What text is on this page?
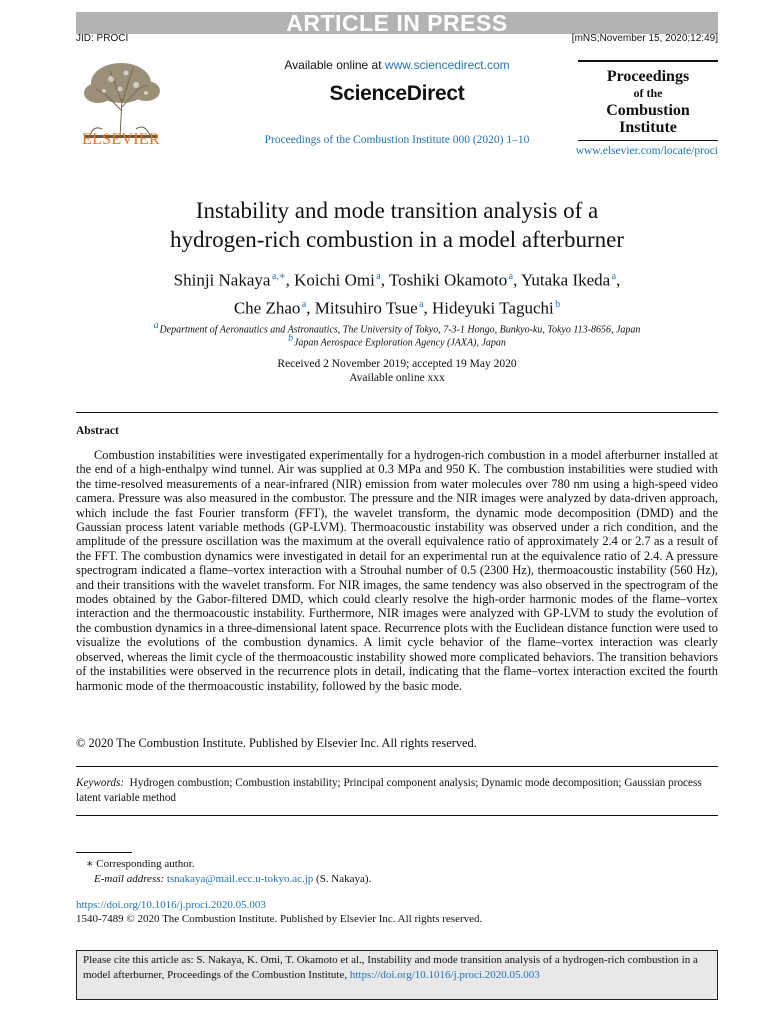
ARTICLE IN PRESS
JID: PROCI	[mNS;November 15, 2020;12:49]
ELSEVIER
Available online at www.sciencedirect.com
ScienceDirect
Proceedings of the Combustion Institute 000 (2020) 1–10
Proceedings
of the
Combustion
Institute
www.elsevier.com/locate/proci
Instability and mode transition analysis of a
hydrogen-rich combustion in a model afterburner
Shinji Nakaya $^{a,∗}$, Koichi Omi $^a$, Toshiki Okamoto $^a$, Yutaka Ikeda $^a$,
Che Zhao $^a$, Mitsuhiro Tsue $^a$, Hideyuki Taguchi $^b$
$^a$ Department of Aeronautics and Astronautics, The University of Tokyo, 7-3-1 Hongo, Bunkyo-ku, Tokyo 113-8656, Japan
$^b$ Japan Aerospace Exploration Agency (JAXA), Japan
Received 2 November 2019; accepted 19 May 2020
Available online xxx
Abstract
Combustion instabilities were investigated experimentally for a hydrogen-rich combustion in a model afterburner installed at the end of a high-enthalpy wind tunnel. Air was supplied at 0.3 MPa and 950 K. The combustion instabilities were studied with the time-resolved measurements of a near-infrared (NIR) emission from water molecules over 780 nm using a high-speed video camera. Pressure was also measured in the combustor. The pressure and the NIR images were analyzed by data-driven approach, which include the fast Fourier transform (FFT), the wavelet transform, the dynamic mode decomposition (DMD) and the Gaussian process latent variable methods (GP-LVM). Thermoacoustic instability was observed under a rich condition, and the amplitude of the pressure oscillation was the maximum at the overall equivalence ratio of approximately 2.4 or 2.7 as a result of the FFT. The combustion dynamics were investigated in detail for an experimental run at the equivalence ratio of 2.4. A pressure spectrogram indicated a flame–vortex interaction with a Strouhal number of 0.5 (2300 Hz), thermoacoustic instability (560 Hz), and their transitions with the wavelet transform. For NIR images, the same tendency was also observed in the spectrogram of the modes obtained by the Gabor-filtered DMD, which could clearly resolve the high-order harmonic modes of the flame–vortex interaction and the thermoacoustic instability. Furthermore, NIR images were analyzed with GP-LVM to study the evolution of the combustion dynamics in a three-dimensional latent space. Recurrence plots with the Euclidean distance function were used to visualize the evolutions of the combustion dynamics. A limit cycle behavior of the flame–vortex interaction was clearly observed, whereas the limit cycle of the thermoacoustic instability showed more complicated behaviors. The transition behaviors of the instabilities were observed in the recurrence plots in detail, indicating that the flame–vortex interaction excited the fourth harmonic mode of the thermoacoustic instability, followed by the basic mode.
© 2020 The Combustion Institute. Published by Elsevier Inc. All rights reserved.
Keywords: Hydrogen combustion; Combustion instability; Principal component analysis; Dynamic mode decomposition; Gaussian process latent variable method
∗ Corresponding author.
E-mail address: tsnakaya@mail.ecc.u-tokyo.ac.jp (S. Nakaya).
https://doi.org/10.1016/j.proci.2020.05.003
1540-7489 © 2020 The Combustion Institute. Published by Elsevier Inc. All rights reserved.
Please cite this article as: S. Nakaya, K. Omi, T. Okamoto et al., Instability and mode transition analysis of a hydrogen-rich combustion in a model afterburner, Proceedings of the Combustion Institute, https://doi.org/10.1016/j.proci.2020.05.003
